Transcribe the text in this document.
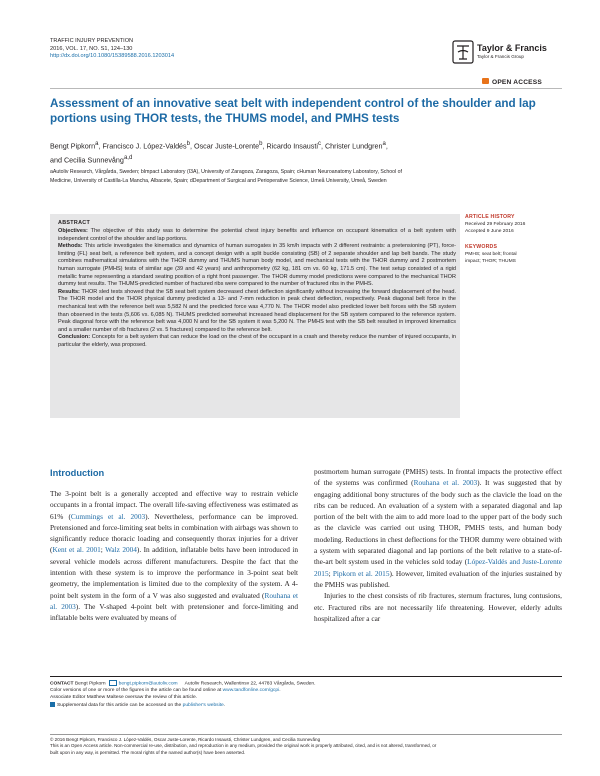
TRAFFIC INJURY PREVENTION
2016, VOL. 17, NO. S1, 124–130
http://dx.doi.org/10.1080/15389588.2016.1203014
Taylor & Francis
Taylor & Francis Group
OPEN ACCESS
Assessment of an innovative seat belt with independent control of the shoulder and lap portions using THOR tests, the THUMS model, and PMHS tests
Bengt Pipkorn$^a$, Francisco J. López-Valdés$^b$, Oscar Juste-Lorente$^b$, Ricardo Insausti$^c$, Christer Lundgren$^a$,
and Cecilia Sunnevång$^{a,d}$
aAutoliv Research, Vårgårda, Sweden; bImpact Laboratory (I3A), University of Zaragoza, Zaragoza, Spain; cHuman Neuroanatomy Laboratory, School of
Medicine, University of Castilla-La Mancha, Albacete, Spain; dDepartment of Surgical and Perioperative Science, Umeå University, Umeå, Sweden
ABSTRACT

Objectives: The objective of this study was to determine the potential chest injury benefits and influence on occupant kinematics of a belt system with independent control of the shoulder and lap portions.

Methods: This article investigates the kinematics and dynamics of human surrogates in 35 km/h impacts with 2 different restraints: a pretensioning (PT), force-limiting (FL) seat belt, a reference belt system, and a concept design with a split buckle consisting (SB) of 2 separate shoulder and lap belt bands. The study combines mathematical simulations with the THOR dummy and THUMS human body model, and mechanical tests with the THOR dummy and 2 postmortem human surrogate (PMHS) tests of similar age (39 and 42 years) and anthropometry (62 kg, 181 cm vs. 60 kg, 171.5 cm). The test setup consisted of a rigid metallic frame representing a standard seating position of a right front passenger. The THOR dummy model predictions were compared to the mechanical THOR dummy test results. The THUMS-predicted number of fractured ribs were compared to the number of fractured ribs in the PMHS.

Results: THOR sled tests showed that the SB seat belt system decreased chest deflection significantly without increasing the forward displacement of the head. The THOR model and the THOR physical dummy predicted a 13- and 7-mm reduction in peak chest deflection, respectively. Peak diagonal belt force in the mechanical test with the reference belt was 5,582 N and the predicted force was 4,770 N. The THOR model also predicted lower belt forces with the SB system than observed in the tests (5,606 vs. 6,085 N). THUMS predicted somewhat increased head displacement for the SB system compared to the reference system. Peak diagonal force with the reference belt was 4,000 N and for the SB system it was 5,200 N. The PMHS test with the SB belt resulted in improved kinematics and a smaller number of rib fractures (2 vs. 5 fractures) compared to the reference belt.

Conclusion: Concepts for a belt system that can reduce the load on the chest of the occupant in a crash and thereby reduce the number of injured occupants, in particular the elderly, was proposed.

ARTICLE HISTORY
Received 29 February 2016
Accepted 9 June 2016
KEYWORDS
PMHS; seat belt; frontal
impact; THOR; THUMS
Introduction

The 3-point belt is a generally accepted and effective way to restrain vehicle occupants in a frontal impact. The overall life-saving effectiveness was estimated as 61% (Cummings et al. 2003). Nevertheless, performance can be improved. Pretensioned and force-limiting seat belts in combination with airbags was shown to significantly reduce thoracic loading and consequently thorax injuries for a driver (Kent et al. 2001; Walz 2004). In addition, inflatable belts have been introduced in several vehicle models across different manufacturers. Despite the fact that the intention with these system is to improve the performance in 3-point seat belt geometry, the implementation is limited due to the complexity of the system. A 4-point belt system in the form of a V was also suggested and evaluated (Rouhana et al. 2003). The V-shaped 4-point belt with pretensioner and force-limiting and inflatable belts were evaluated by means of

postmortem human surrogate (PMHS) tests. In frontal impacts the protective effect of the systems was confirmed (Rouhana et al. 2003). It was suggested that by engaging additional bony structures of the body such as the clavicle the load on the ribs can be reduced. An evaluation of a system with a separated diagonal and lap portion of the belt with the aim to add more load to the upper part of the body such as the clavicle was carried out using THOR, PMHS tests, and human body modeling. Reductions in chest deflections for the THOR dummy were obtained with a system with separated diagonal and lap portions of the belt relative to a state-of-the-art belt system used in the vehicles sold today (López-Valdés and Juste-Lorente 2015; Pipkorn et al. 2015). However, limited evaluation of the injuries sustained by the PMHS was published.

Injuries to the chest consists of rib fractures, sternum fractures, lung contusions, etc. Fractured ribs are not necessarily life threatening. However, elderly adults hospitalized after a car

CONTACT Bengt Pipkorn	bengt.pipkorn@autoliv.com Autoliv Research, Wallentinsv 22, 44783 Vårgårda, Sweden.
Color versions of one or more of the figures in the article can be found online at www.tandfonline.com/gcpi.
Associate Editor Matthew Maltese oversaw the review of this article.
Supplemental data for this article can be accessed on the publisher's website.
© 2016 Bengt Pipkorn, Francisco J. López-Valdés, Oscar Juste-Lorente, Ricardo Insausti, Christer Lundgren, and Cecilia Sunnevång
This is an Open Access article. Non-commercial re-use, distribution, and reproduction in any medium, provided the original work is properly attributed, cited, and is not altered, transformed, or
built upon in any way, is permitted. The moral rights of the named author(s) have been asserted.
